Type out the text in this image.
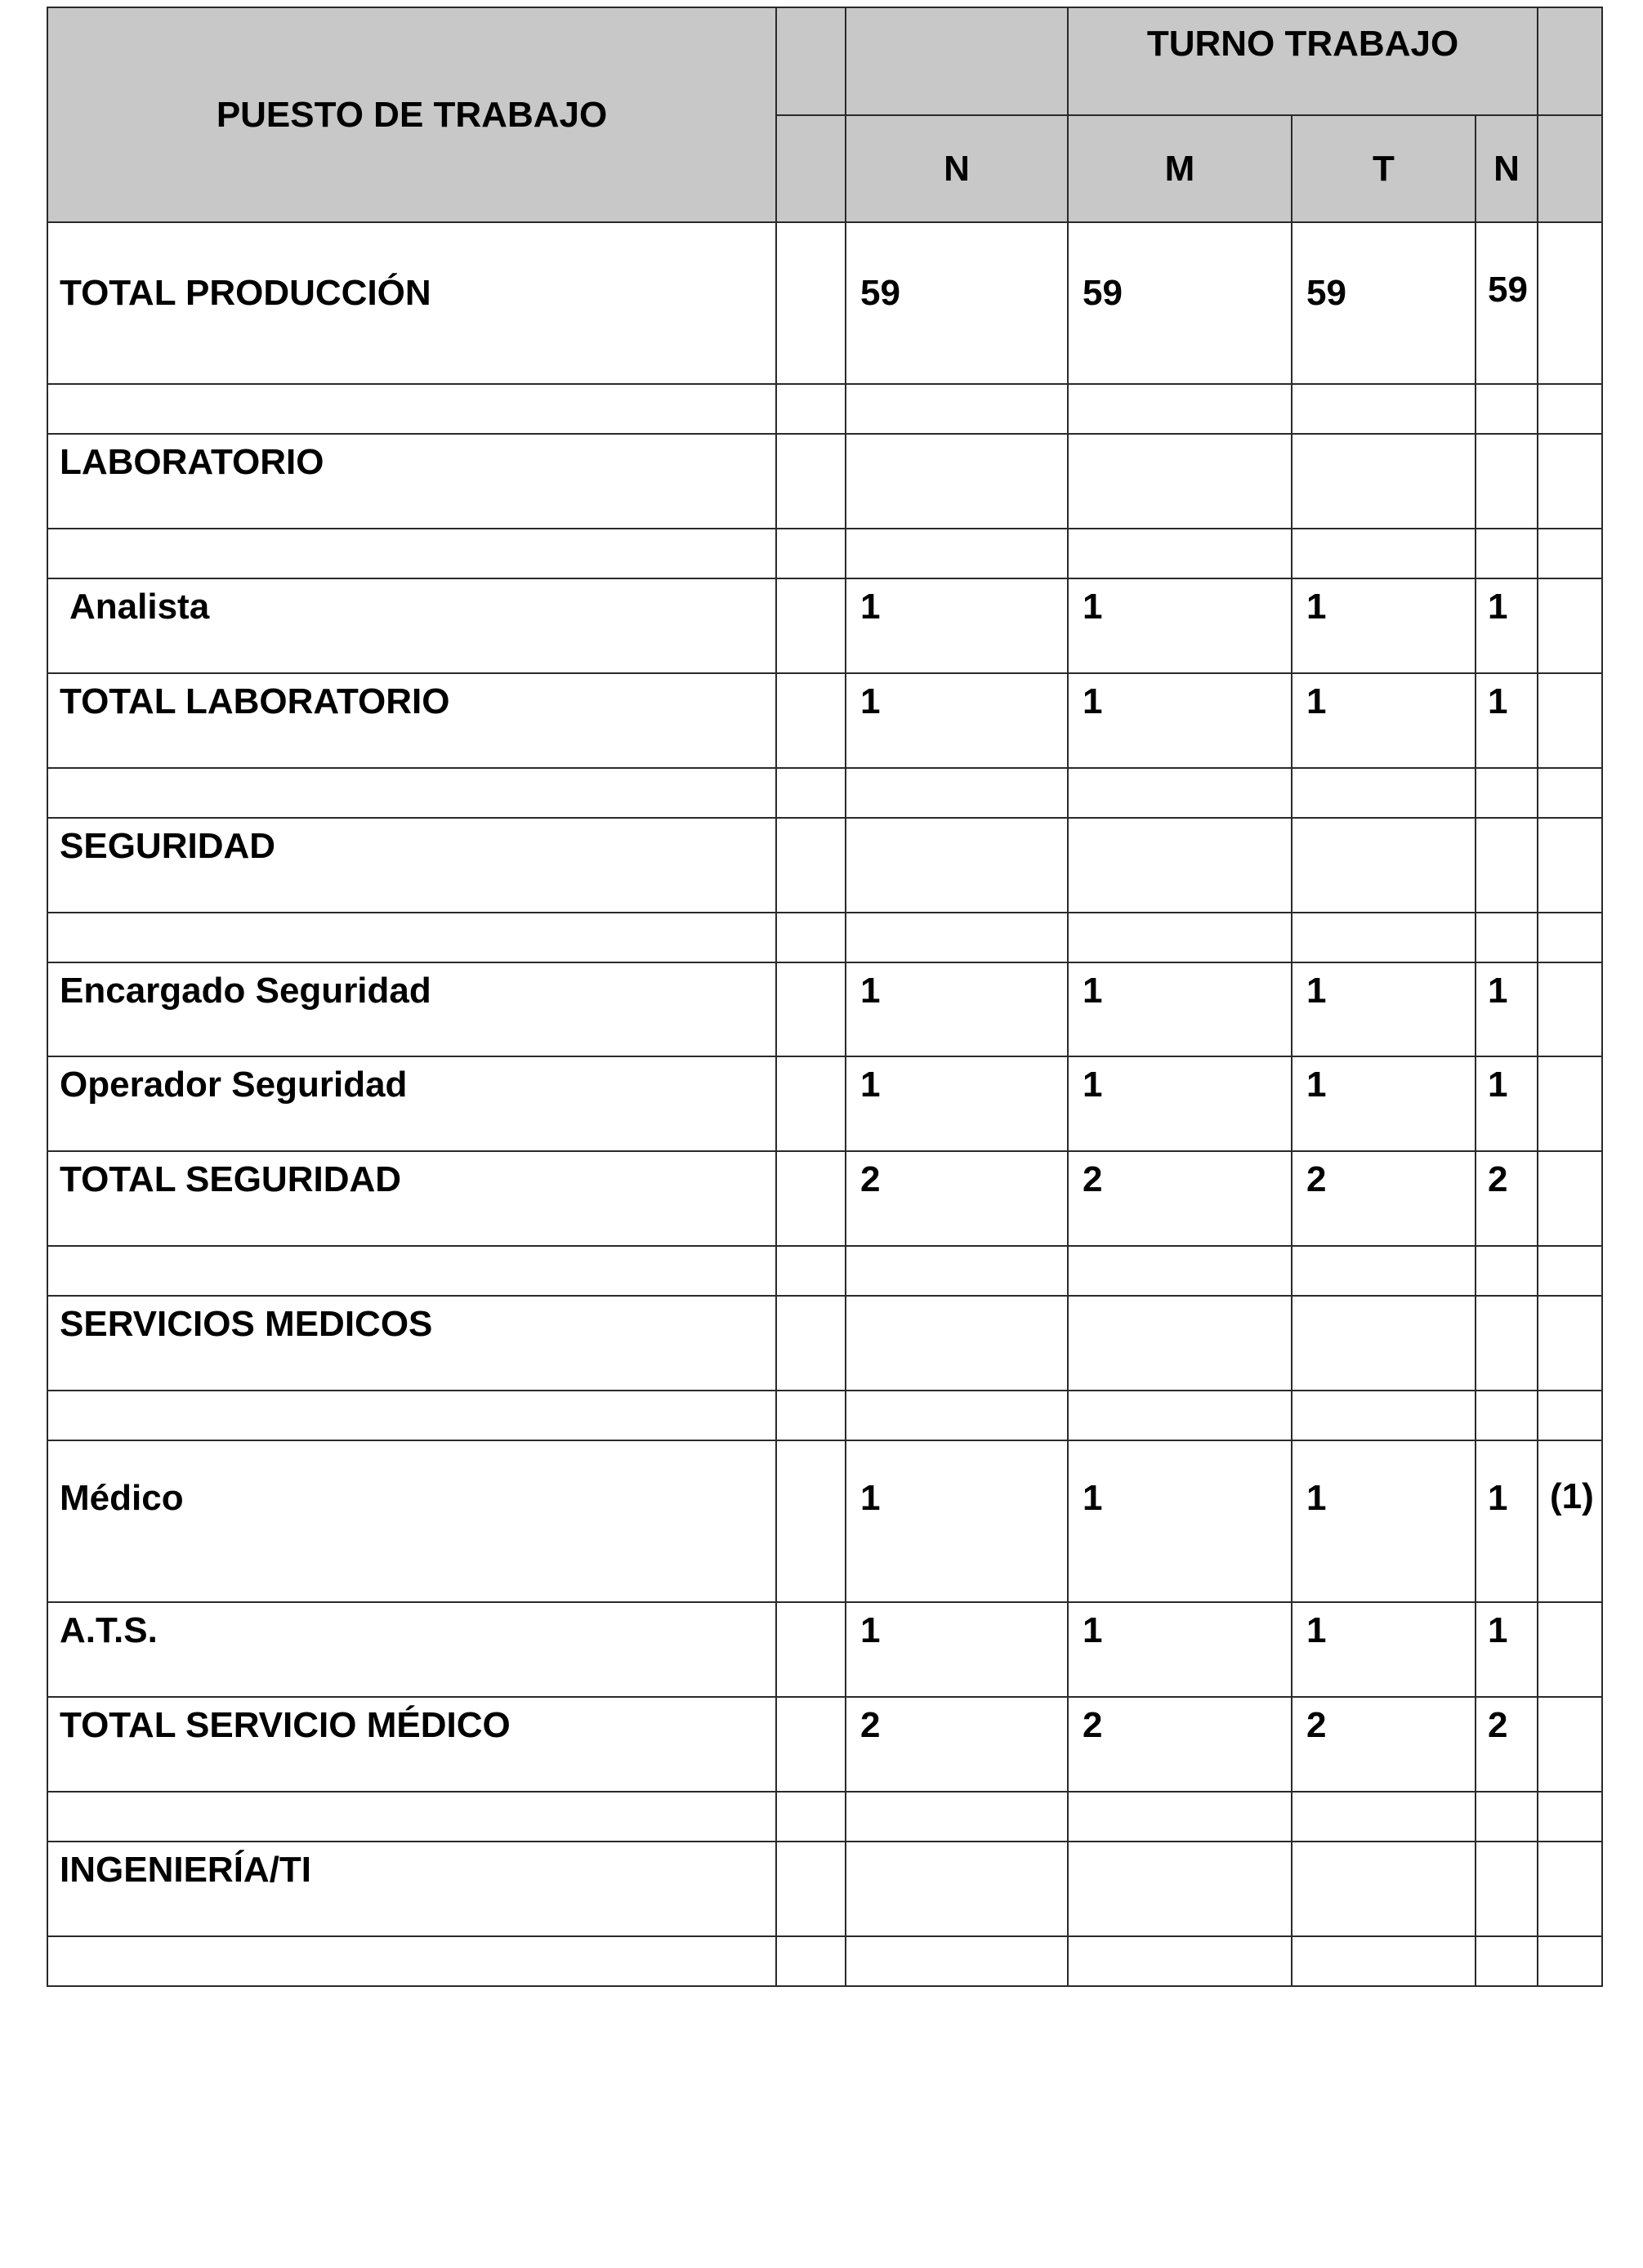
PUESTO DE TRABAJO			TURNO TRABAJO			
		N	M	T	N	
TOTAL PRODUCCIÓN		59	59	59	59	

LABORATORIO						

Analista		1	1	1	1	
TOTAL LABORATORIO		1	1	1	1	

SEGURIDAD						

Encargado Seguridad		1	1	1	1	
Operador Seguridad		1	1	1	1	
TOTAL SEGURIDAD		2	2	2	2	

SERVICIOS MEDICOS						

Médico		1	1	1	1	(1)
A.T.S.		1	1	1	1	
TOTAL SERVICIO MÉDICO		2	2	2	2	

INGENIERÍA/TI						
